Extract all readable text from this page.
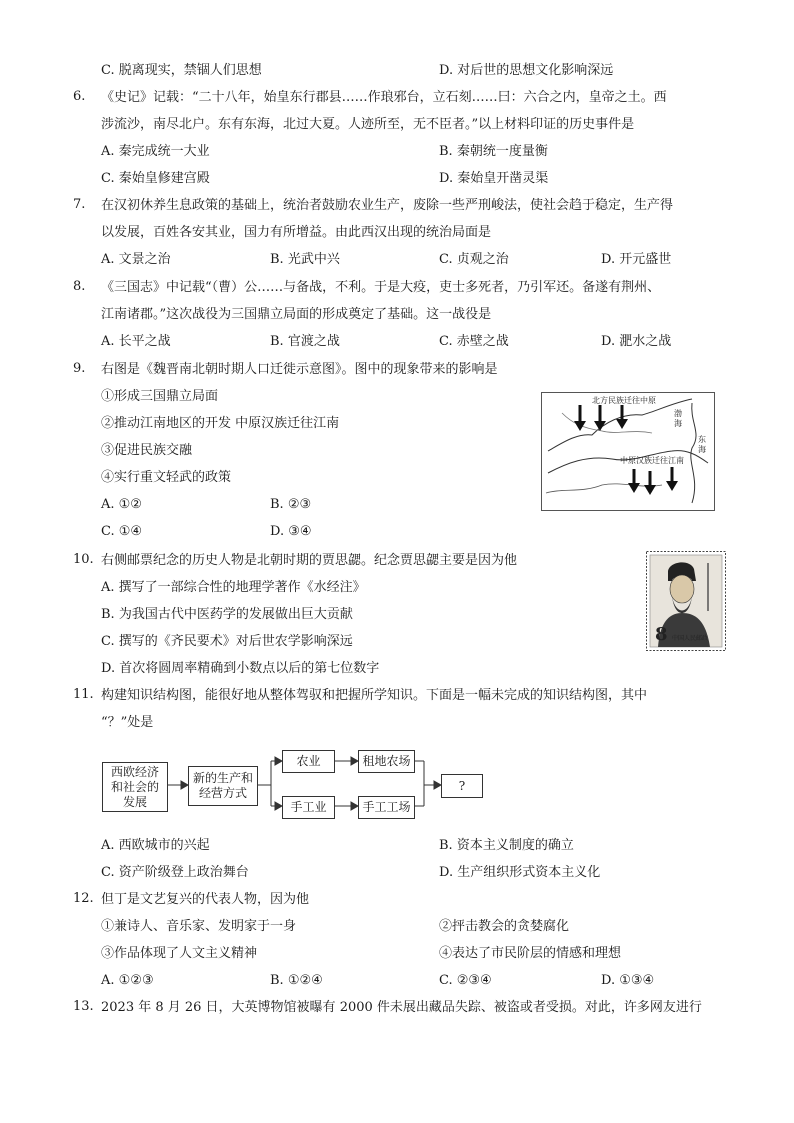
C. 脱离现实，禁锢人们思想	D. 对后世的思想文化影响深远
6.	《史记》记载：“二十八年，始皇东行郡县……作琅邪台，立石刻……曰：六合之内，皇帝之土。西
涉流沙，南尽北户。东有东海，北过大夏。人迹所至，无不臣者。”以上材料印证的历史事件是
A. 秦完成统一大业	B. 秦朝统一度量衡
C. 秦始皇修建宫殿	D. 秦始皇开凿灵渠
7.	在汉初休养生息政策的基础上，统治者鼓励农业生产，废除一些严刑峻法，使社会趋于稳定，生产得
以发展，百姓各安其业，国力有所增益。由此西汉出现的统治局面是
A. 文景之治	B. 光武中兴	C. 贞观之治	D. 开元盛世
8.	《三国志》中记载“（曹）公……与备战，不利。于是大疫，吏士多死者，乃引军还。备遂有荆州、
江南诸郡。”这次战役为三国鼎立局面的形成奠定了基础。这一战役是
A. 长平之战	B. 官渡之战	C. 赤壁之战	D. 淝水之战
9.	右图是《魏晋南北朝时期人口迁徙示意图》。图中的现象带来的影响是
①形成三国鼎立局面
②推动江南地区的开发 中原汉族迁往江南
③促进民族交融
④实行重文轻武的政策
A. ①②	B. ②③
C. ①④	D. ③④
北方民族迁往中原
中原汉族迁往江南
渤海
东海
10. 右侧邮票纪念的历史人物是北朝时期的贾思勰。纪念贾思勰主要是因为他
A. 撰写了一部综合性的地理学著作《水经注》
B. 为我国古代中医药学的发展做出巨大贡献
C. 撰写的《齐民要术》对后世农学影响深远
D. 首次将圆周率精确到小数点以后的第七位数字
8 中国人民邮政
11. 构建知识结构图，能很好地从整体驾驭和把握所学知识。下面是一幅未完成的知识结构图，其中
“？”处是
西欧经济
和社会的
发展
新的生产和
经营方式
农业	租地农场
手工业	手工工场
?
A. 西欧城市的兴起	B. 资本主义制度的确立
C. 资产阶级登上政治舞台	D. 生产组织形式资本主义化
12. 但丁是文艺复兴的代表人物，因为他
①兼诗人、音乐家、发明家于一身	②抨击教会的贪婪腐化
③作品体现了人文主义精神	④表达了市民阶层的情感和理想
A. ①②③	B. ①②④	C. ②③④	D. ①③④
13. 2023 年 8 月 26 日，大英博物馆被曝有 2000 件未展出藏品失踪、被盗或者受损。对此，许多网友进行
